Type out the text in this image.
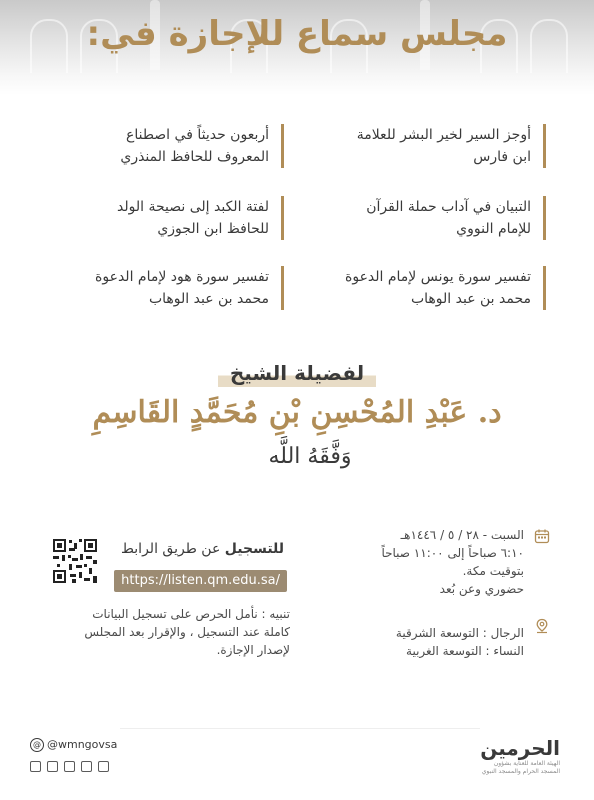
مجلس سماع للإجازة في:
أوجز السير لخير البشر للعلامة
ابن فارس
أربعون حديثاً في اصطناع
المعروف للحافظ المنذري
التبيان في آداب حملة القرآن
للإمام النووي
لفتة الكبد إلى نصيحة الولد
للحافظ ابن الجوزي
تفسير سورة يونس لإمام الدعوة
محمد بن عبد الوهاب
تفسير سورة هود لإمام الدعوة
محمد بن عبد الوهاب
لفضيلة الشيخ
د. عَبْدِ المُحْسِنِ بْنِ مُحَمَّدٍ القَاسِمِ
وَفَّقَهُ اللَّه
للتسجيل عن طريق الرابط
https://listen.qm.edu.sa/
تنبيه : نأمل الحرص على تسجيل البيانات
كاملة عند التسجيل ، والإقرار بعد المجلس
لإصدار الإجازة.
السبت - ٢٨ / ٥ / ١٤٤٦هـ
٦:١٠ صباحاً إلى ١١:٠٠ صباحاً
بتوقيت مكة.
حضوري وعن بُعد
الرجال : التوسعة الشرقية
النساء : التوسعة الغربية
@ @wmngovsa	الحرمين
الهيئة العامة للعناية بشؤون المسجد الحرام والمسجد النبوي
